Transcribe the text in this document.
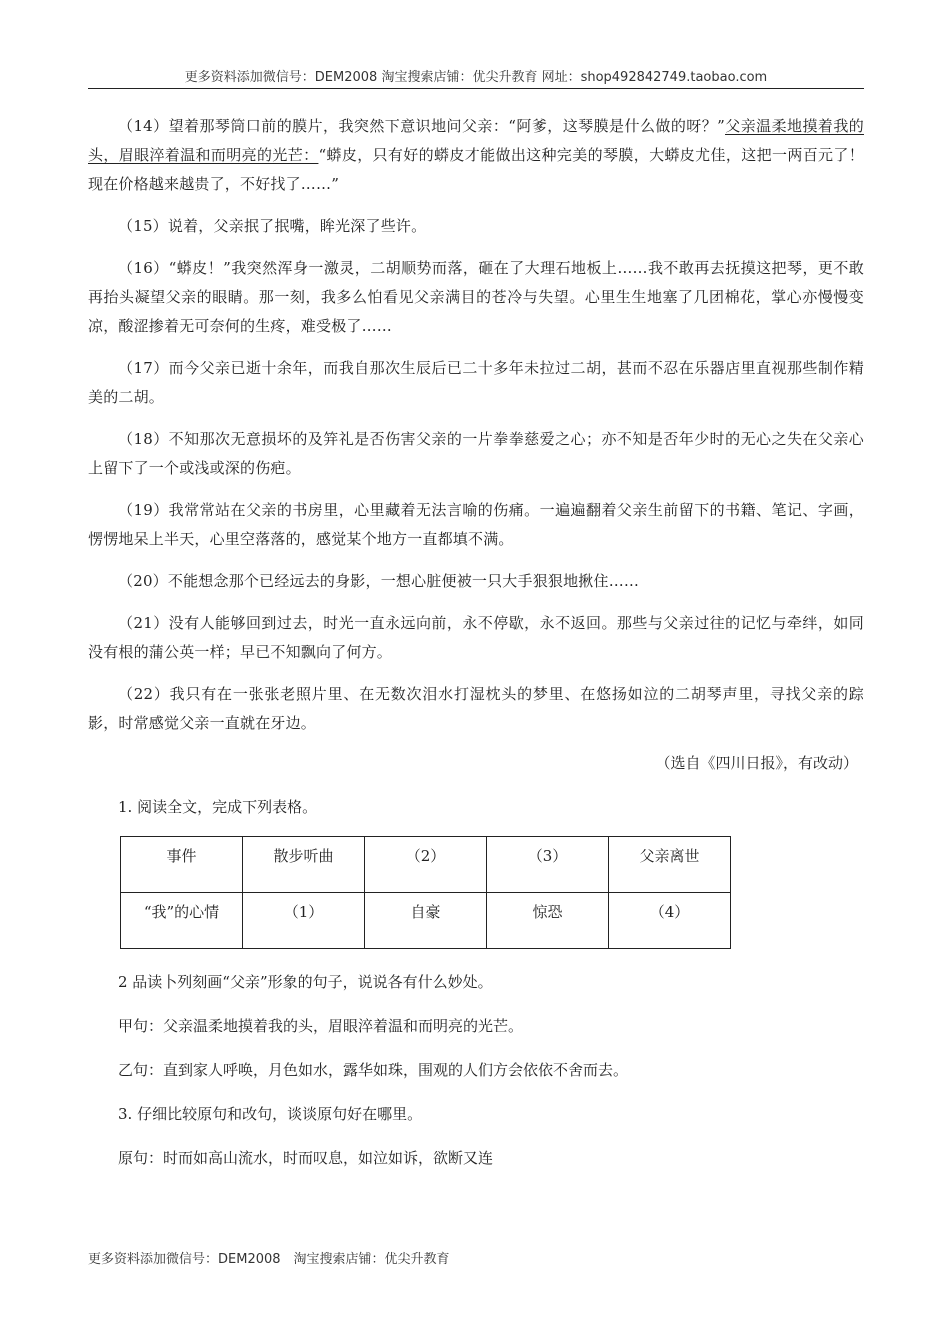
更多资料添加微信号：DEM2008 淘宝搜索店铺：优尖升教育 网址：shop492842749.taobao.com

（14）望着那琴筒口前的膜片，我突然下意识地问父亲：“阿爹，这琴膜是什么做的呀？”父亲温柔地摸着我的头，眉眼淬着温和而明亮的光芒：“蟒皮，只有好的蟒皮才能做出这种完美的琴膜，大蟒皮尤佳，这把一两百元了！现在价格越来越贵了，不好找了……”

（15）说着，父亲抿了抿嘴，眸光深了些许。

（16）“蟒皮！”我突然浑身一激灵，二胡顺势而落，砸在了大理石地板上……我不敢再去抚摸这把琴，更不敢再抬头凝望父亲的眼睛。那一刻，我多么怕看见父亲满目的苍冷与失望。心里生生地塞了几团棉花，掌心亦慢慢变凉，酸涩掺着无可奈何的生疼，难受极了……

（17）而今父亲已逝十余年，而我自那次生辰后已二十多年未拉过二胡，甚而不忍在乐器店里直视那些制作精美的二胡。

（18）不知那次无意损坏的及笄礼是否伤害父亲的一片拳拳慈爱之心；亦不知是否年少时的无心之失在父亲心上留下了一个或浅或深的伤疤。

（19）我常常站在父亲的书房里，心里藏着无法言喻的伤痛。一遍遍翻着父亲生前留下的书籍、笔记、字画，愣愣地呆上半天，心里空落落的，感觉某个地方一直都填不满。

（20）不能想念那个已经远去的身影，一想心脏便被一只大手狠狠地揪住……

（21）没有人能够回到过去，时光一直永远向前，永不停歇，永不返回。那些与父亲过往的记忆与牵绊，如同没有根的蒲公英一样；早已不知飘向了何方。

（22）我只有在一张张老照片里、在无数次泪水打湿枕头的梦里、在悠扬如泣的二胡琴声里，寻找父亲的踪影，时常感觉父亲一直就在牙边。

（选自《四川日报》，有改动）

1. 阅读全文，完成下列表格。

事件	散步听曲	（2）	（3）	父亲离世
“我”的心情	（1）	自豪	惊恐	（4）

2 品读卜列刻画“父亲”形象的句子，说说各有什么妙处。

甲句：父亲温柔地摸着我的头，眉眼淬着温和而明亮的光芒。

乙句：直到家人呼唤，月色如水，露华如珠，围观的人们方会依依不舍而去。

3. 仔细比较原句和改句，谈谈原句好在哪里。

原句：时而如高山流水，时而叹息，如泣如诉，欲断又连

更多资料添加微信号：DEM2008　淘宝搜索店铺：优尖升教育
